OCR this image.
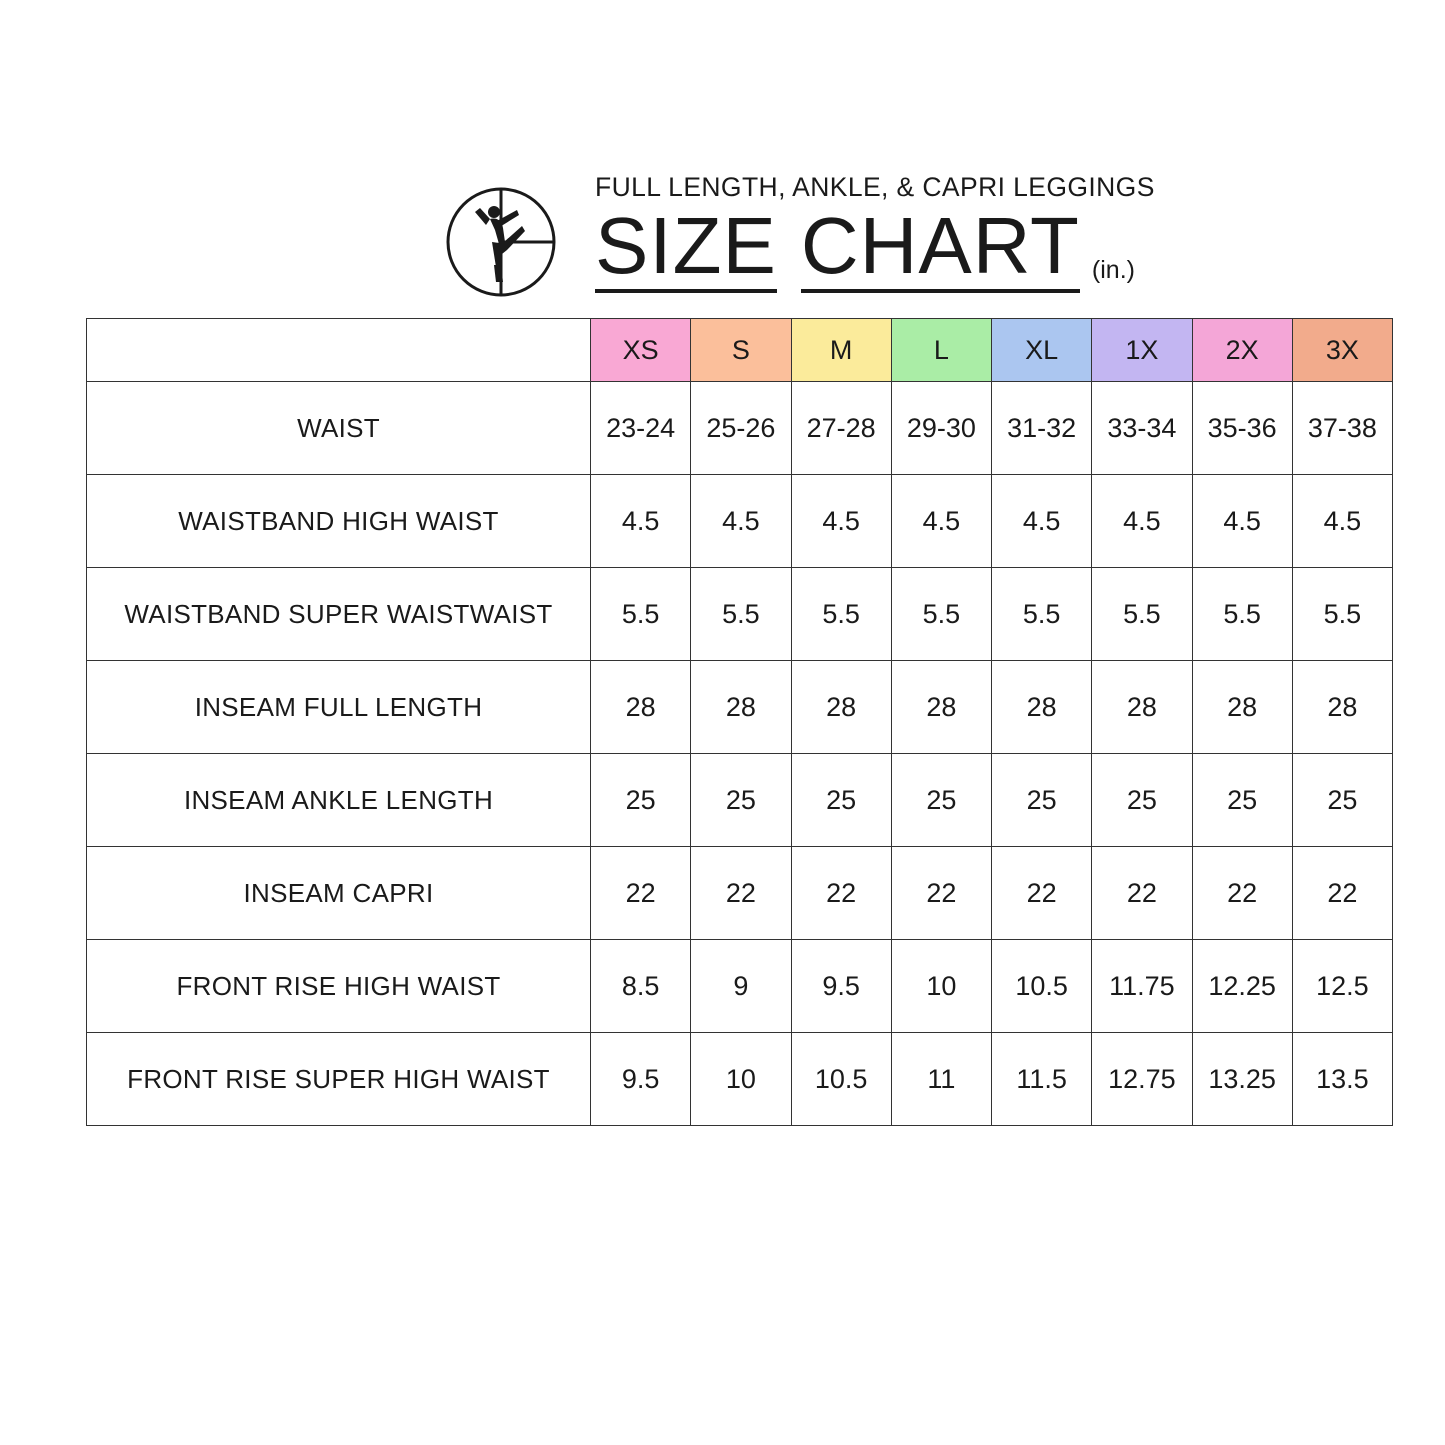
FULL LENGTH, ANKLE, & CAPRI LEGGINGS
SIZE CHART (in.)
	XS	S	M	L	XL	1X	2X	3X
WAIST	23-24	25-26	27-28	29-30	31-32	33-34	35-36	37-38
WAISTBAND HIGH WAIST	4.5	4.5	4.5	4.5	4.5	4.5	4.5	4.5
WAISTBAND SUPER WAISTWAIST	5.5	5.5	5.5	5.5	5.5	5.5	5.5	5.5
INSEAM FULL LENGTH	28	28	28	28	28	28	28	28
INSEAM ANKLE LENGTH	25	25	25	25	25	25	25	25
INSEAM CAPRI	22	22	22	22	22	22	22	22
FRONT RISE HIGH WAIST	8.5	9	9.5	10	10.5	11.75	12.25	12.5
FRONT RISE SUPER HIGH WAIST	9.5	10	10.5	11	11.5	12.75	13.25	13.5
